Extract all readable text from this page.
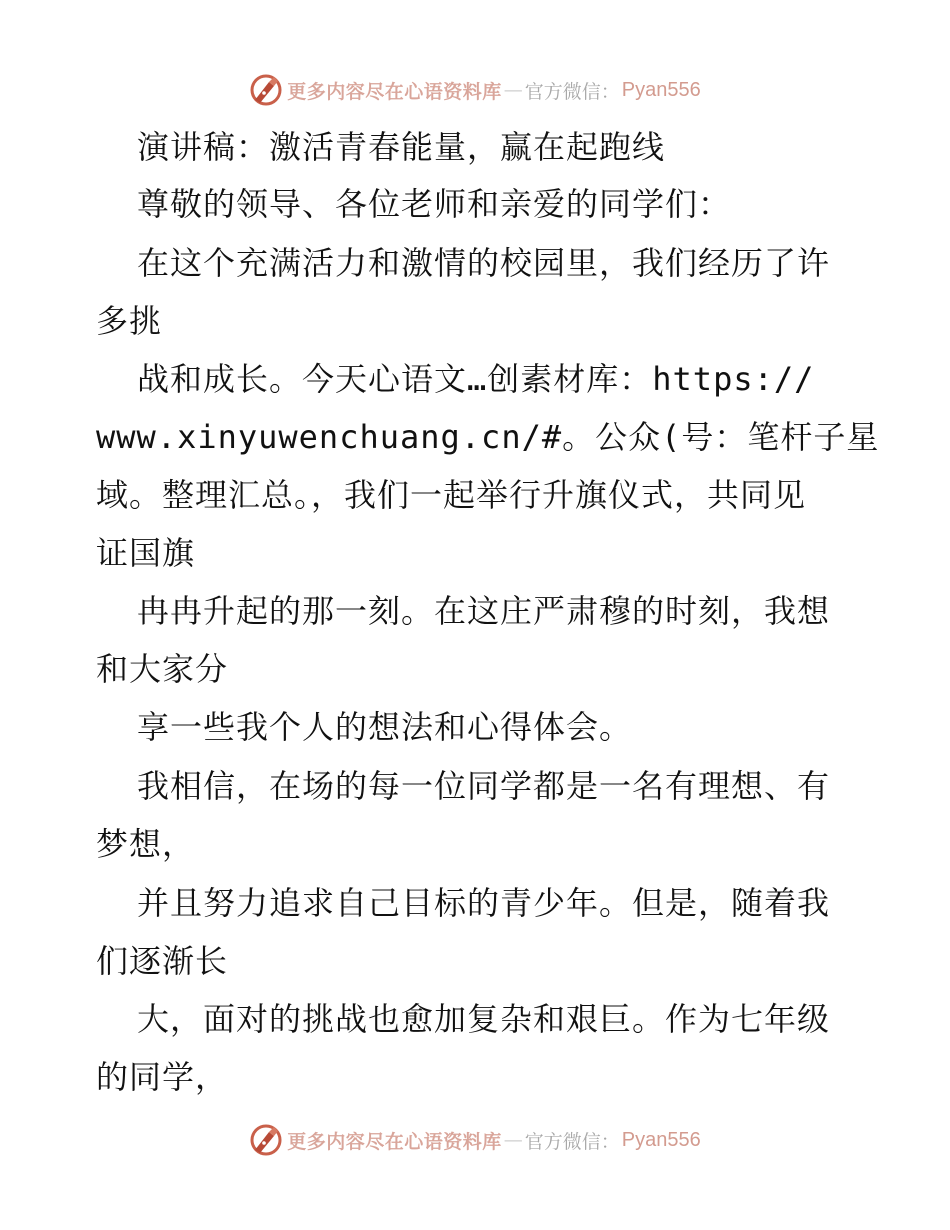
更多内容尽在心语资料库 — 官方微信 ： Pyan556
演讲稿：激活青春能量，赢在起跑线
尊敬的领导、各位老师和亲爱的同学们：
在这个充满活力和激情的校园里，我们经历了许
多挑
战和成长。今天心语文…创素材库：https://
www.xinyuwenchuang.cn/#。公众(号：笔杆子星
域。整理汇总。，我们一起举行升旗仪式，共同见
证国旗
冉冉升起的那一刻。在这庄严肃穆的时刻，我想
和大家分
享一些我个人的想法和心得体会。
我相信，在场的每一位同学都是一名有理想、有
梦想，
并且努力追求自己目标的青少年。但是，随着我
们逐渐长
大，面对的挑战也愈加复杂和艰巨。作为七年级
的同学，
更多内容尽在心语资料库 — 官方微信 ： Pyan556
